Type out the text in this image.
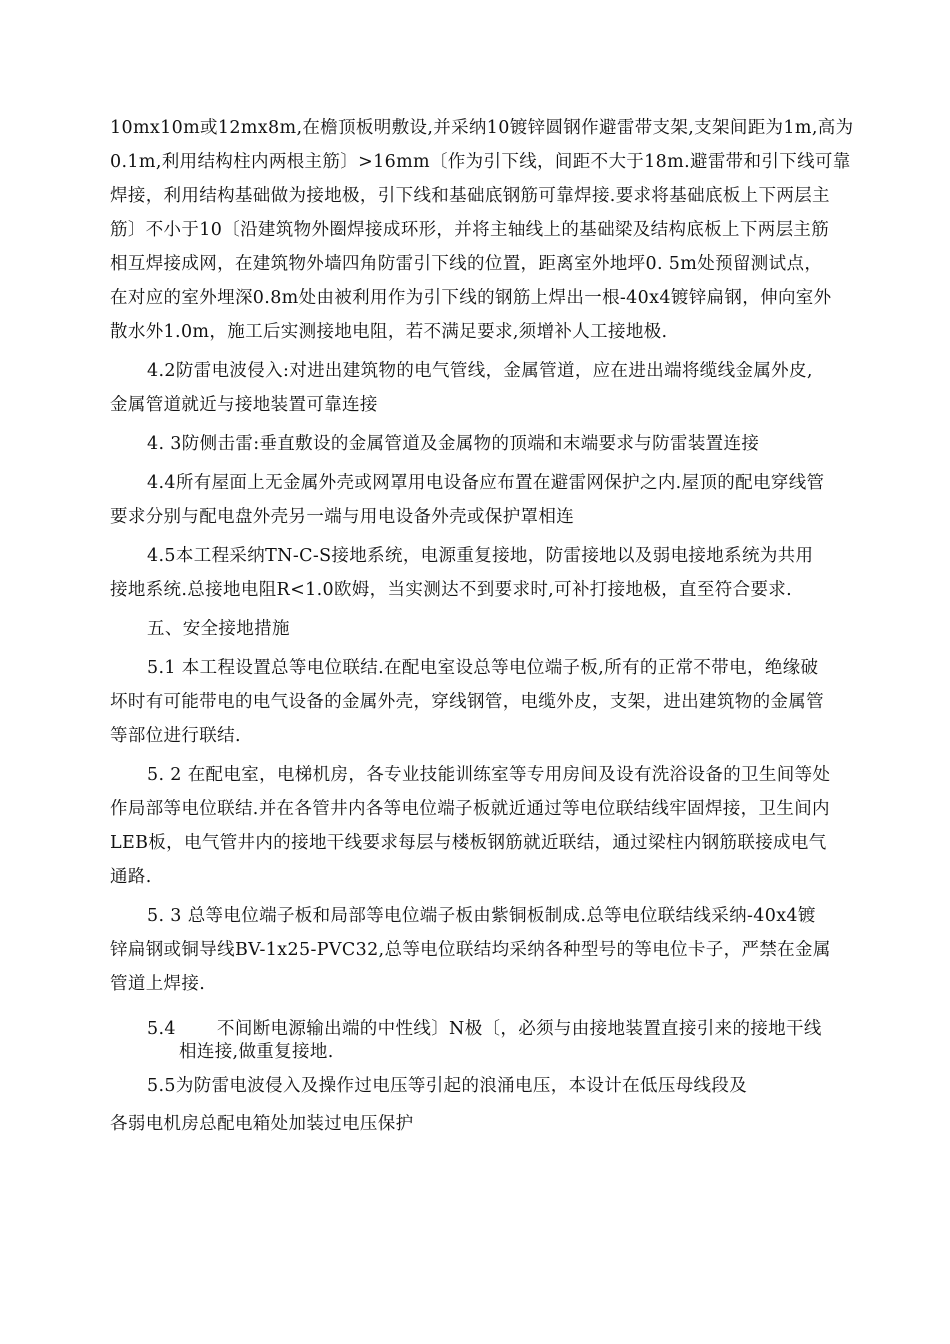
10mx10m或12mx8m,在檐顶板明敷设,并采纳10镀锌圆钢作避雷带支架,支架间距为1m,高为
0.1m,利用结构柱内两根主筋〕>16mm〔作为引下线，间距不大于18m.避雷带和引下线可靠
焊接，利用结构基础做为接地极，引下线和基础底钢筋可靠焊接.要求将基础底板上下两层主
筋〕不小于10〔沿建筑物外圈焊接成环形，并将主轴线上的基础梁及结构底板上下两层主筋
相互焊接成网，在建筑物外墙四角防雷引下线的位置，距离室外地坪0. 5m处预留测试点，
在对应的室外埋深0.8m处由被利用作为引下线的钢筋上焊出一根-40x4镀锌扁钢，伸向室外
散水外1.0m，施工后实测接地电阻，若不满足要求,须增补人工接地极.
4.2防雷电波侵入:对进出建筑物的电气管线，金属管道，应在进出端将缆线金属外皮,
金属管道就近与接地装置可靠连接
4. 3防侧击雷:垂直敷设的金属管道及金属物的顶端和末端要求与防雷装置连接
4.4所有屋面上无金属外壳或网罩用电设备应布置在避雷网保护之内.屋顶的配电穿线管
要求分别与配电盘外壳另一端与用电设备外壳或保护罩相连
4.5本工程采纳TN-C-S接地系统，电源重复接地，防雷接地以及弱电接地系统为共用
接地系统.总接地电阻R<1.0欧姆，当实测达不到要求时,可补打接地极，直至符合要求.
五、安全接地措施
5.1 本工程设置总等电位联结.在配电室设总等电位端子板,所有的正常不带电，绝缘破
坏时有可能带电的电气设备的金属外壳，穿线钢管，电缆外皮，支架，进出建筑物的金属管
等部位进行联结.
5. 2 在配电室，电梯机房，各专业技能训练室等专用房间及设有洗浴设备的卫生间等处
作局部等电位联结.并在各管井内各等电位端子板就近通过等电位联结线牢固焊接，卫生间内
LEB板，电气管井内的接地干线要求每层与楼板钢筋就近联结，通过梁柱内钢筋联接成电气
通路.
5. 3 总等电位端子板和局部等电位端子板由紫铜板制成.总等电位联结线采纳-40x4镀
锌扁钢或铜导线BV-1x25-PVC32,总等电位联结均采纳各种型号的等电位卡子，严禁在金属
管道上焊接.
5.4	不间断电源输出端的中性线〕N极〔，必须与由接地装置直接引来的接地干线
相连接,做重复接地.
5.5为防雷电波侵入及操作过电压等引起的浪涌电压，本设计在低压母线段及
各弱电机房总配电箱处加装过电压保护
